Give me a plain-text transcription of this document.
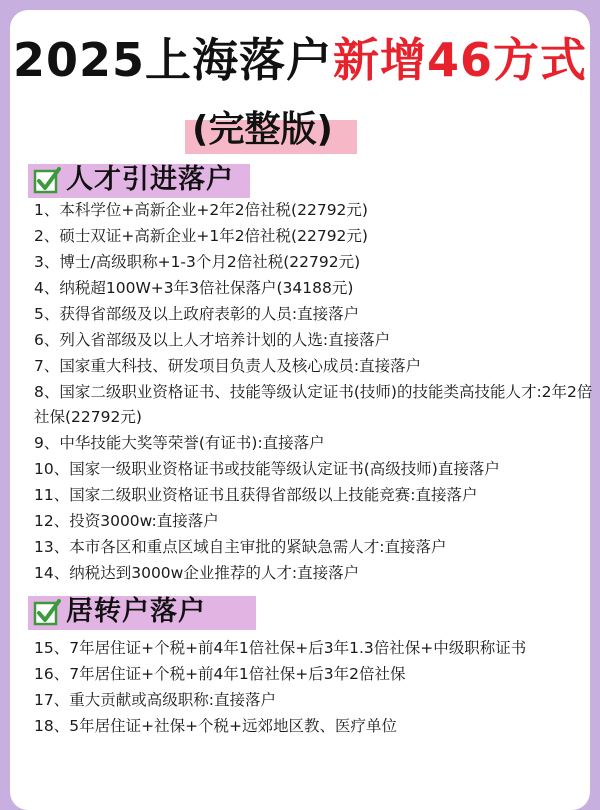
2025上海落户新增46方式
(完整版)
人才引进落户
1、本科学位+高新企业+2年2倍社税(22792元)
2、硕士双证+高新企业+1年2倍社税(22792元)
3、博士/高级职称+1-3个月2倍社税(22792元)
4、纳税超100W+3年3倍社保落户(34188元)
5、获得省部级及以上政府表彰的人员:直接落户
6、列入省部级及以上人才培养计划的人选:直接落户
7、国家重大科技、研发项目负责人及核心成员:直接落户
8、国家二级职业资格证书、技能等级认定证书(技师)的技能类高技能人才:2年2倍社保(22792元)
9、中华技能大奖等荣誉(有证书):直接落户
10、国家一级职业资格证书或技能等级认定证书(高级技师)直接落户
11、国家二级职业资格证书且获得省部级以上技能竞赛:直接落户
12、投资3000w:直接落户
13、本市各区和重点区域自主审批的紧缺急需人才:直接落户
14、纳税达到3000w企业推荐的人才:直接落户
居转户落户
15、7年居住证+个税+前4年1倍社保+后3年1.3倍社保+中级职称证书
16、7年居住证+个税+前4年1倍社保+后3年2倍社保
17、重大贡献或高级职称:直接落户
18、5年居住证+社保+个税+远郊地区教、医疗单位
